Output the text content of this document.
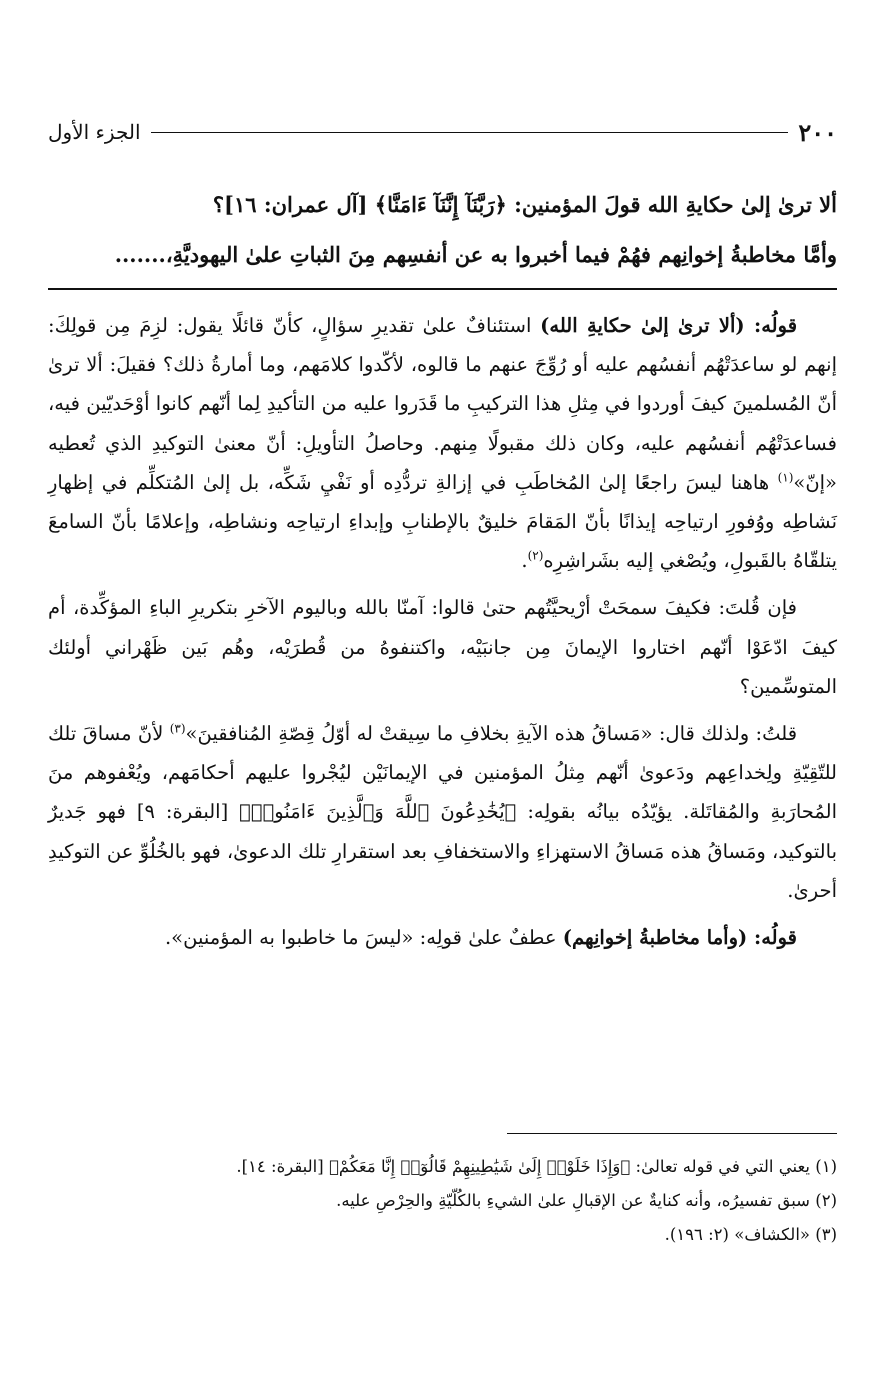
٢٠٠
الجزء الأول

ألا ترىٰ إلىٰ حكايةِ الله قولَ المؤمنين: ﴿رَبَّنَآ إِنَّنَآ ءَامَنَّا﴾ [آل عمران: ١٦]؟

وأمَّا مخاطبةُ إخوانِهم فهُمْ فيما أخبروا به عن أنفسِهم مِنَ الثباتِ علىٰ اليهوديَّةِ،.......

قولُه: (ألا ترىٰ إلىٰ حكايةِ الله) استئنافٌ علىٰ تقديرِ سؤالٍ، كأنّ قائلًا يقول: لزِمَ مِن قولِكَ: إنهم لو ساعدَتْهُم أنفسُهم عليه أو رُوِّجَ عنهم ما قالوه، لأكّدوا كلامَهم، وما أمارةُ ذلك؟ فقيلَ: ألا ترىٰ أنّ المُسلمينَ كيفَ أوردوا في مِثلِ هذا التركيبِ ما قَدَروا عليه من التأكيدِ لِما أنّهم كانوا أوْحَديّين فيه، فساعدَتْهُم أنفسُهم عليه، وكان ذلك مقبولًا مِنهم. وحاصلُ التأويلِ: أنّ معنىٰ التوكيدِ الذي تُعطيه «إنّ»$^{(١)}$ هاهنا ليسَ راجعًا إلىٰ المُخاطَبِ في إزالةِ تردُّدِه أو نَفْيِ شَكِّه، بل إلىٰ المُتكلِّم في إظهارِ نَشاطِه ووُفورِ ارتياحِه إيذانًا بأنّ المَقامَ خليقٌ بالإطنابِ وإبداءِ ارتياحِه ونشاطِه، وإعلامًا بأنّ السامعَ يتلقّاهُ بالقَبولِ، ويُصْغي إليه بشَراشِرِه$^{(٢)}$.

فإن قُلتَ: فكيفَ سمحَتْ أرْيحيَّتُهم حتىٰ قالوا: آمنّا بالله وباليوم الآخرِ بتكريرِ الباءِ المؤكِّدة، أم كيفَ ادّعَوْا أنّهم اختاروا الإيمانَ مِن جانبَيْه، واكتنفوهُ من قُطرَيْه، وهُم بَين ظَهْراني أولئك المتوسِّمين؟

قلتُ: ولذلك قال: «مَساقُ هذه الآيةِ بخلافِ ما سِيقتْ له أوّلُ قِصّةِ المُنافقينَ»$^{(٣)}$ لأنّ مساقَ تلك للتّقِيّةِ ولِخداعِهم ودَعوىٰ أنّهم مِثلُ المؤمنين في الإيمانَيْن ليُجْروا عليهم أحكامَهم، ويُعْفوهم منَ المُحارَبةِ والمُقاتَلة. يؤيّدُه بيانُه بقولِه: ﴿يُخَٰدِعُونَ ٱللَّهَ وَٱلَّذِينَ ءَامَنُوا۟﴾ [البقرة: ٩] فهو جَديرٌ بالتوكيد، ومَساقُ هذه مَساقُ الاستهزاءِ والاستخفافِ بعد استقرارِ تلك الدعوىٰ، فهو بالخُلُوِّ عن التوكيدِ أحرىٰ.

قولُه: (وأما مخاطبةُ إخوانِهم) عطفٌ علىٰ قولِه: «ليسَ ما خاطبوا به المؤمنين».

(١) يعني التي في قوله تعالىٰ: ﴿وَإِذَا خَلَوْا۟ إِلَىٰ شَيَٰطِينِهِمْ قَالُوٓا۟ إِنَّا مَعَكُمْ﴾ [البقرة: ١٤].

(٢) سبق تفسيرُه، وأنه كنايةٌ عن الإقبالِ علىٰ الشيءِ بالكُلّيّةِ والحِرْصِ عليه.

(٣) «الكشاف» (٢: ١٩٦).
